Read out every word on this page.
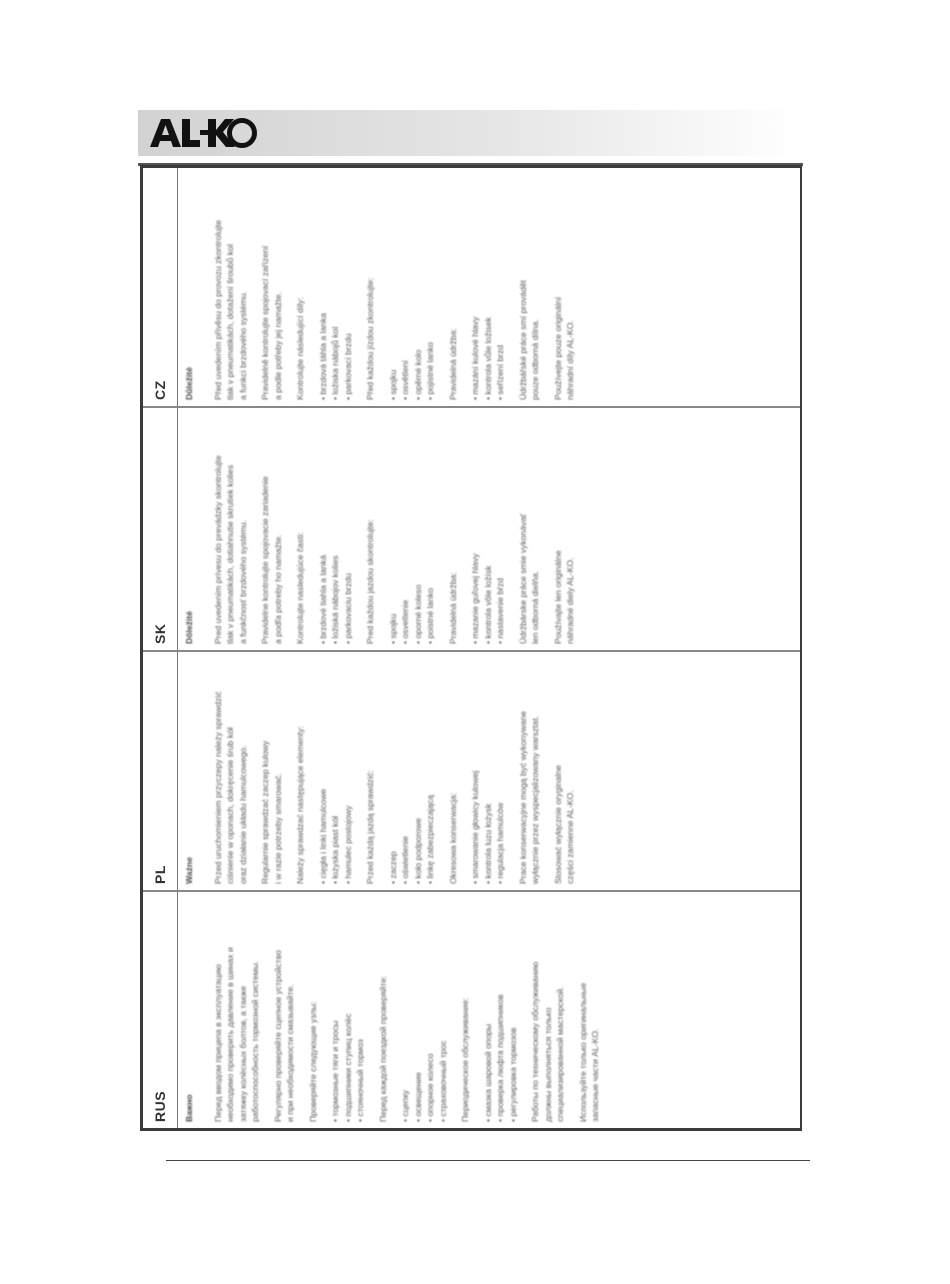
CZ	Důležité Před uvedením přívěsu do provozu zkontrolujte tlak v pneumatikách, dotažení šroubů kol a funkci brzdového systému. Pravidelně kontrolujte spojovací zařízení a podle potřeby jej namažte. Kontrolujte následující díly: • brzdová táhla a lanka • ložiska nábojů kol • parkovací brzdu Před každou jízdou zkontrolujte: • spojku • osvětlení • opěrné kolo • pojistné lanko Pravidelná údržba: • mazání kulové hlavy • kontrola vůle ložisek • seřízení brzd Údržbářské práce smí provádět pouze odborná dílna. Používejte pouze originální náhradní díly AL-KO.
SK	Dôležité Pred uvedením prívesu do prevádzky skontrolujte tlak v pneumatikách, dotiahnutie skrutiek kolies a funkčnosť brzdového systému. Pravidelne kontrolujte spojovacie zariadenie a podľa potreby ho namažte. Kontrolujte nasledujúce časti: • brzdové tiahla a lanká • ložiská nábojov kolies • parkovaciu brzdu Pred každou jazdou skontrolujte: • spojku • osvetlenie • oporné koleso • poistné lanko Pravidelná údržba: • mazanie guľovej hlavy • kontrola vôle ložísk • nastavenie bŕzd Údržbárske práce smie vykonávať len odborná dielňa. Používajte len originálne náhradné diely AL-KO.
PL	Ważne Przed uruchomieniem przyczepy należy sprawdzić ciśnienie w oponach, dokręcenie śrub kół oraz działanie układu hamulcowego. Regularnie sprawdzać zaczep kulowy i w razie potrzeby smarować. Należy sprawdzać następujące elementy: • cięgła i linki hamulcowe • łożyska piast kół • hamulec postojowy Przed każdą jazdą sprawdzić: • zaczep • oświetlenie • koło podporowe • linkę zabezpieczającą Okresowa konserwacja: • smarowanie głowicy kulowej • kontrola luzu łożysk • regulacja hamulców Prace konserwacyjne mogą być wykonywane wyłącznie przez wyspecjalizowany warsztat. Stosować wyłącznie oryginalne części zamienne AL-KO.
RUS	Важно Перед вводом прицепа в эксплуатацию необходимо проверить давление в шинах и затяжку колёсных болтов, а также работоспособность тормозной системы. Регулярно проверяйте сцепное устройство и при необходимости смазывайте. Проверяйте следующие узлы: • тормозные тяги и тросы • подшипники ступиц колёс • стояночный тормоз Перед каждой поездкой проверяйте: • сцепку • освещение • опорное колесо • страховочный трос Периодическое обслуживание: • смазка шаровой опоры • проверка люфта подшипников • регулировка тормозов Работы по техническому обслуживанию должны выполняться только специализированной мастерской. Используйте только оригинальные запасные части AL-KO.
